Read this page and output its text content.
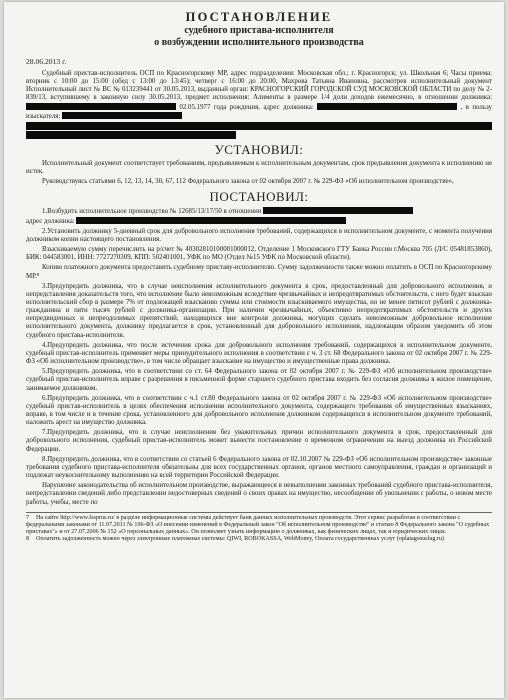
ПОСТАНОВЛЕНИЕ
судебного пристава-исполнителя
о возбуждении исполнительного производства
28.06.2013 г.

Судебный пристав-исполнитель ОСП по Красногорскому МР, адрес подразделения: Московская обл.; г. Красногорск; ул. Школьная 6; Часы приема: вторник с 10:00 до 15:00 (обед с 13:00 до 13:45); четверг с 16:00 до 20:00, Махрова Татьяна Ивановна, рассмотрев исполнительный документ Исполнительный лист № ВС № 013239441 от 30.05.2013, выданный орган: КРАСНОГОРСКИЙ ГОРОДСКОЙ СУД МОСКОВСКОЙ ОБЛАСТИ по делу № 2-839/13, вступившему в законную силу 30.05.2013, предмет исполнения: Алименты в размере 1/4 доли доходов ежемесячно, в отношении должника:  02.05.1977 года рождения, адрес должника:	, в пользу взыскателя:

УСТАНОВИЛ:

Исполнительный документ соответствует требованиям, предъявляемым к исполнительным документам, срок предъявления документа к исполнению не истек.

Руководствуясь статьями 6, 12, 13, 14, 30, 67, 112 Федерального закона от 02 октября 2007 г. № 229-ФЗ «Об исполнительном производстве»,

ПОСТАНОВИЛ:

1.Возбудить исполнительное производство № 12685/13/17/50 в отношении

адрес должника:

2.Установить должнику 5-дневный срок для добровольного исполнения требований, содержащихся в исполнительном документе, с момента получения должником копии настоящего постановления.

Взыскиваемую сумму перечислить на р/счет № 40302810100001000012, Отделение 1 Московского ГТУ Банка России г.Москва 705 (Л/С 05481853860), БИК: 044583001, ИНН: 7727270309, КПП: 502401001, УФК по МО (Отдел №15 УФК по Московской области).

Копию платежного документа предоставить судебному приставу-исполнителю. Сумму задолженности также можно оплатить в ОСП по Красногорскому МР.⁸

3.Предупредить должника, что в случае неисполнения исполнительного документа в срок, предоставленный для добровольного исполнения, и непредставления доказательств того, что исполнение было невозможным вследствие чрезвычайных и непредотвратимых обстоятельств, с него будет взыскан исполнительский сбор в размере 7% от подлежащей взысканию суммы или стоимости взыскиваемого имущества, но не менее пятисот рублей с должника-гражданина и пяти тысяч рублей с должника-организации. При наличии чрезвычайных, объективно непредотвратимых обстоятельств и других непредвиденных и непреодолимых препятствий, находящихся вне контроля должника, могущих сделать невозможным добровольное исполнение исполнительного документа, должнику предлагается в срок, установленный для добровольного исполнения, надлежащим образом уведомить об этом судебного пристава-исполнителя.

4.Предупредить должника, что после истечения срока для добровольного исполнения требований, содержащихся в исполнительном документе, судебный пристав-исполнитель применяет меры принудительного исполнения в соответствии с ч. 3 ст. 68 Федерального закона от 02 октября 2007 г. № 229-ФЗ «Об исполнительном производстве», в том числе обращает взыскание на имущество и имущественные права должника.

5.Предупредить должника, что в соответствии со ст. 64 Федерального закона от 02 октября 2007 г. № 229-ФЗ «Об исполнительном производстве» судебный пристав-исполнитель вправе с разрешения в письменной форме старшего судебного пристава входить без согласия должника в жилое помещение, занимаемое должником.

6.Предупредить должника, что в соответствии с ч.1 ст.80 Федерального закона от 02 октября 2007 г. № 229-ФЗ «Об исполнительном производстве» судебный пристав-исполнитель в целях обеспечения исполнения исполнительного документа, содержащего требования об имущественных взысканиях, вправе, в том числе и в течение срока, установленного для добровольного исполнения должником содержащихся в исполнительном документе требований, наложить арест на имущество должника.

7.Предупредить должника, что в случае неисполнения без уважительных причин исполнительного документа в срок, предоставленный для добровольного исполнения, судебный пристав-исполнитель может вынести постановление о временном ограничении на выезд должника из Российской Федерации.

8.Предупредить должника, что в соответствии со статьей 6 Федерального закона от 02.10.2007 № 229-ФЗ «Об исполнительном производстве» законные требования судебного пристава-исполнителя обязательны для всех государственных органов, органов местного самоуправления, граждан и организаций и подлежат неукоснительному выполнению на всей территории Российской Федерации.

Нарушение законодательства об исполнительном производстве, выражающееся в невыполнении законных требований судебного пристава-исполнителя, непредставлении сведений либо представлении недостоверных сведений о своих правах на имущество, несообщении об увольнении с работы, о новом месте работы, учебы, месте по

7 На сайте http://www.fssprus.ru/ в разделе информационные системы действует банк данных исполнительных производств. Этот сервис разработан в соответствии с федеральными законами от 11.07.2011 № 196-ФЗ «О внесении изменений в Федеральный закон "Об исполнительном производстве" и статью 8 Федерального закона "О судебных приставах"» и от 27.07.2006 № 152 «О персональных данных». Он позволяет узнать информацию о должниках, как физических лицах, так и юридических лицах.
8 Оплатить задолженность можно через электронные платежные системы: QIWI, ROBOKASSA, WebMoney, Оплата государственных услуг (oplatagosuslug.ru)
